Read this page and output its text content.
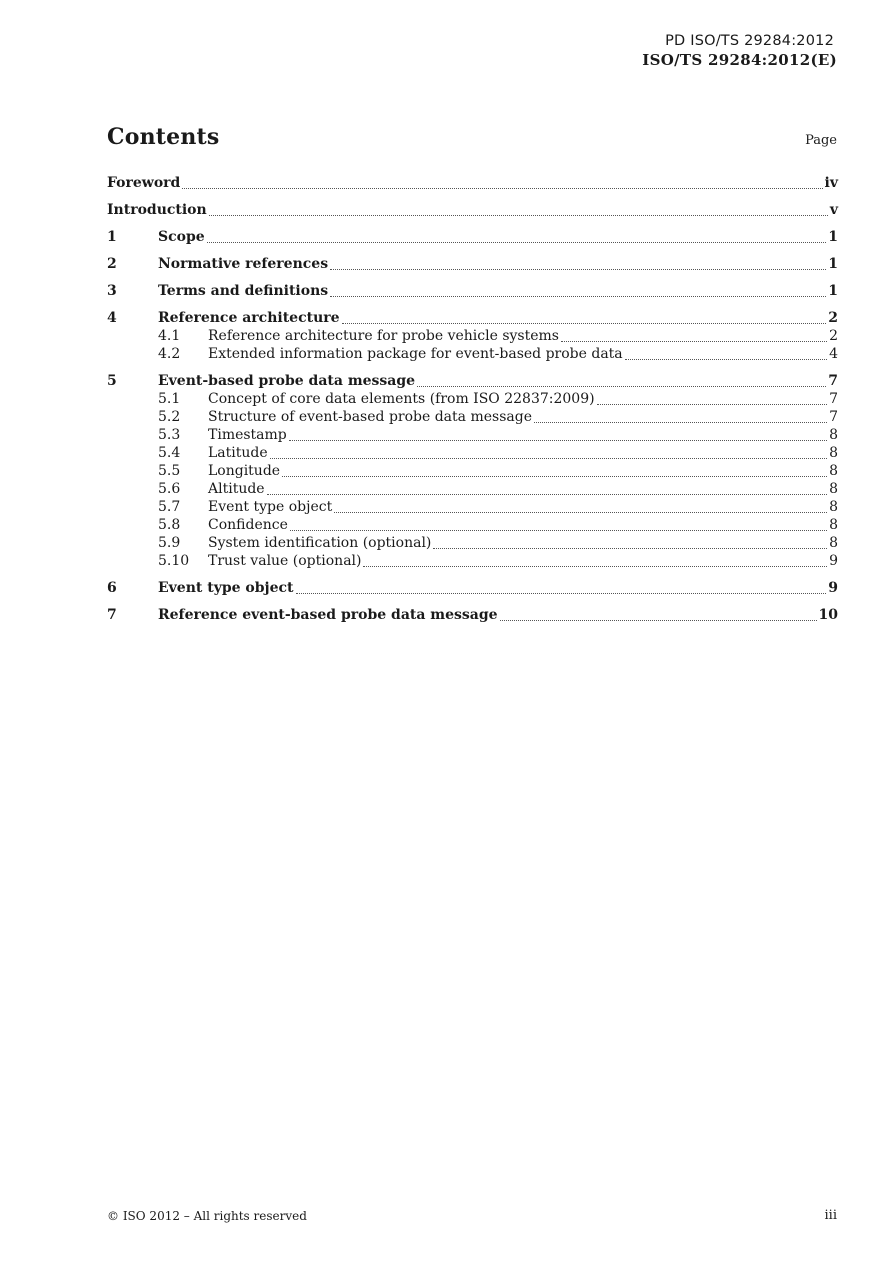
PD ISO/TS 29284:2012
ISO/TS 29284:2012(E)
Contents	Page
Foreword	iv
Introduction	v
1	Scope	1
2	Normative references	1
3	Terms and definitions	1
4	Reference architecture	2
4.1	Reference architecture for probe vehicle systems	2
4.2	Extended information package for event-based probe data	4
5	Event-based probe data message	7
5.1	Concept of core data elements (from ISO 22837:2009)	7
5.2	Structure of event-based probe data message	7
5.3	Timestamp	8
5.4	Latitude	8
5.5	Longitude	8
5.6	Altitude	8
5.7	Event type object	8
5.8	Confidence	8
5.9	System identification (optional)	8
5.10	Trust value (optional)	9
6	Event type object	9
7	Reference event-based probe data message	10
© ISO 2012 – All rights reserved	iii
